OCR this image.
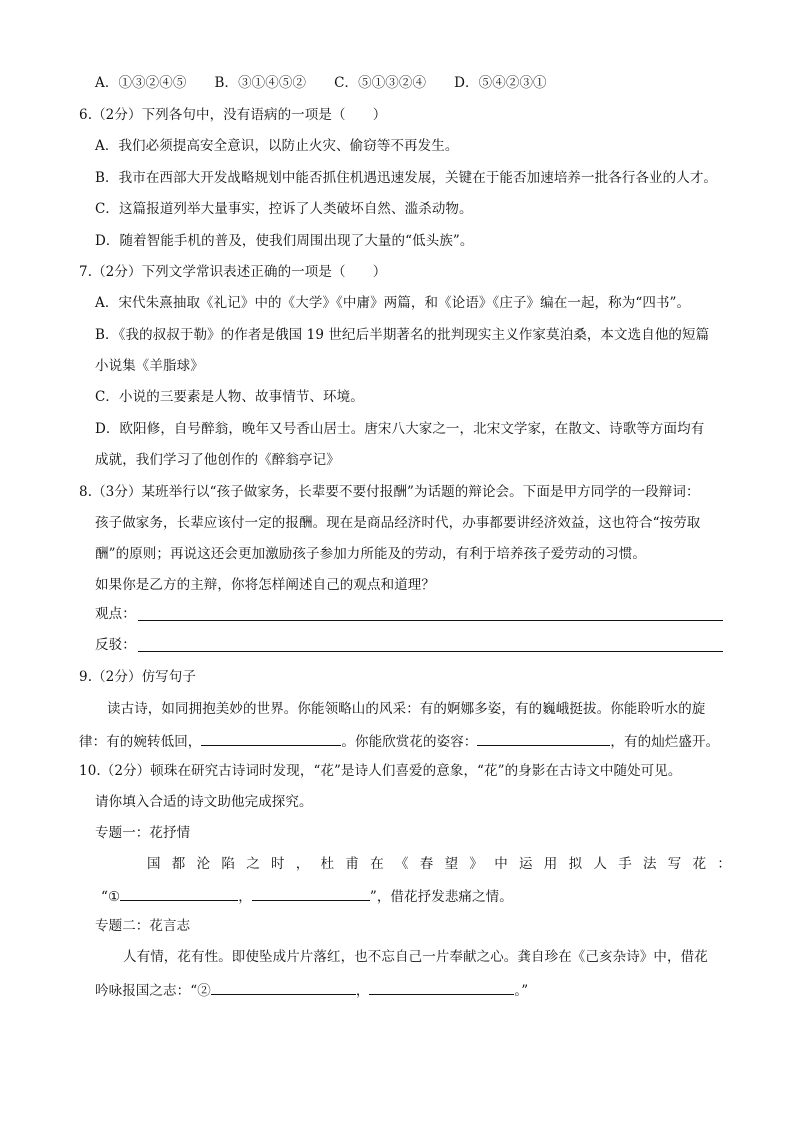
A．①③②④⑤ B．③①④⑤② C．⑤①③②④ D．⑤④②③①
6.（2分）下列各句中，没有语病的一项是（　　）
A．我们必须提高安全意识，以防止火灾、偷窃等不再发生。
B．我市在西部大开发战略规划中能否抓住机遇迅速发展，关键在于能否加速培养一批各行各业的人才。
C．这篇报道列举大量事实，控诉了人类破坏自然、滥杀动物。
D．随着智能手机的普及，使我们周围出现了大量的“低头族”。
7.（2分）下列文学常识表述正确的一项是（　　）
A．宋代朱熹抽取《礼记》中的《大学》《中庸》两篇，和《论语》《庄子》编在一起，称为“四书”。
B．《我的叔叔于勒》的作者是俄国 19 世纪后半期著名的批判现实主义作家莫泊桑，本文选自他的短篇
小说集《羊脂球》
C．小说的三要素是人物、故事情节、环境。
D．欧阳修，自号醉翁，晚年又号香山居士。唐宋八大家之一，北宋文学家，在散文、诗歌等方面均有
成就，我们学习了他创作的《醉翁亭记》
8.（3分）某班举行以“孩子做家务，长辈要不要付报酬”为话题的辩论会。下面是甲方同学的一段辩词：
孩子做家务，长辈应该付一定的报酬。现在是商品经济时代，办事都要讲经济效益，这也符合“按劳取
酬”的原则；再说这还会更加激励孩子参加力所能及的劳动，有利于培养孩子爱劳动的习惯。
如果你是乙方的主辩，你将怎样阐述自己的观点和道理？
观点：
反驳：
9.（2分）仿写句子
读古诗，如同拥抱美妙的世界。你能领略山的风采：有的婀娜多姿，有的巍峨挺拔。你能聆听水的旋
律：有的婉转低回，	。你能欣赏花的姿容：	，有的灿烂盛开。
10.（2分）顿珠在研究古诗词时发现，“花”是诗人们喜爱的意象，“花”的身影在古诗文中随处可见。
请你填入合适的诗文助他完成探究。
专题一：花抒情
国都沦陷之时，杜甫在《春望》中运用拟人手法写花：
“①	，	”，借花抒发悲痛之情。
专题二：花言志
人有情，花有性。即使坠成片片落红，也不忘自己一片奉献之心。龚自珍在《己亥杂诗》中，借花
吟咏报国之志：“②	，	。”
